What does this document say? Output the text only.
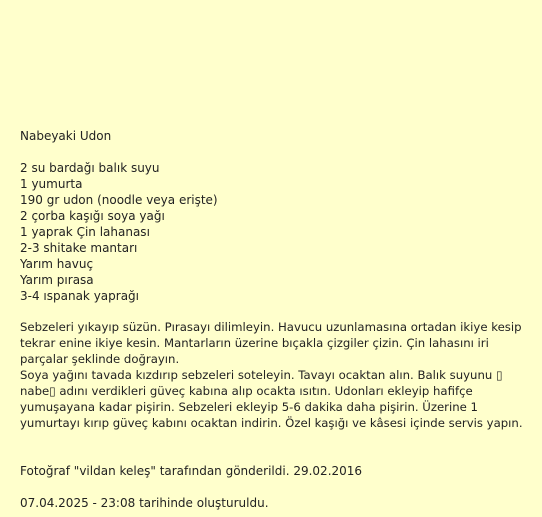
Nabeyaki Udon
2 su bardağı balık suyu
1 yumurta
190 gr udon (noodle veya erişte)
2 çorba kaşığı soya yağı
1 yaprak Çin lahanası
2-3 shitake mantarı
Yarım havuç
Yarım pırasa
3-4 ıspanak yaprağı

Sebzeleri yıkayıp süzün. Pırasayı dilimleyin. Havucu uzunlamasına ortadan ikiye kesip tekrar enine ikiye kesin. Mantarların üzerine bıçakla çizgiler çizin. Çin lahasını iri parçalar şeklinde doğrayın.

Soya yağını tavada kızdırıp sebzeleri soteleyin. Tavayı ocaktan alın. Balık suyunu ▯ nabe▯ adını verdikleri güveç kabına alıp ocakta ısıtın. Udonları ekleyip hafifçe yumuşayana kadar pişirin. Sebzeleri ekleyip 5-6 dakika daha pişirin. Üzerine 1 yumurtayı kırıp güveç kabını ocaktan indirin. Özel kaşığı ve kâsesi içinde servis yapın.

Fotoğraf "vildan keleş" tarafından gönderildi. 29.02.2016
07.04.2025 - 23:08 tarihinde oluşturuldu.
